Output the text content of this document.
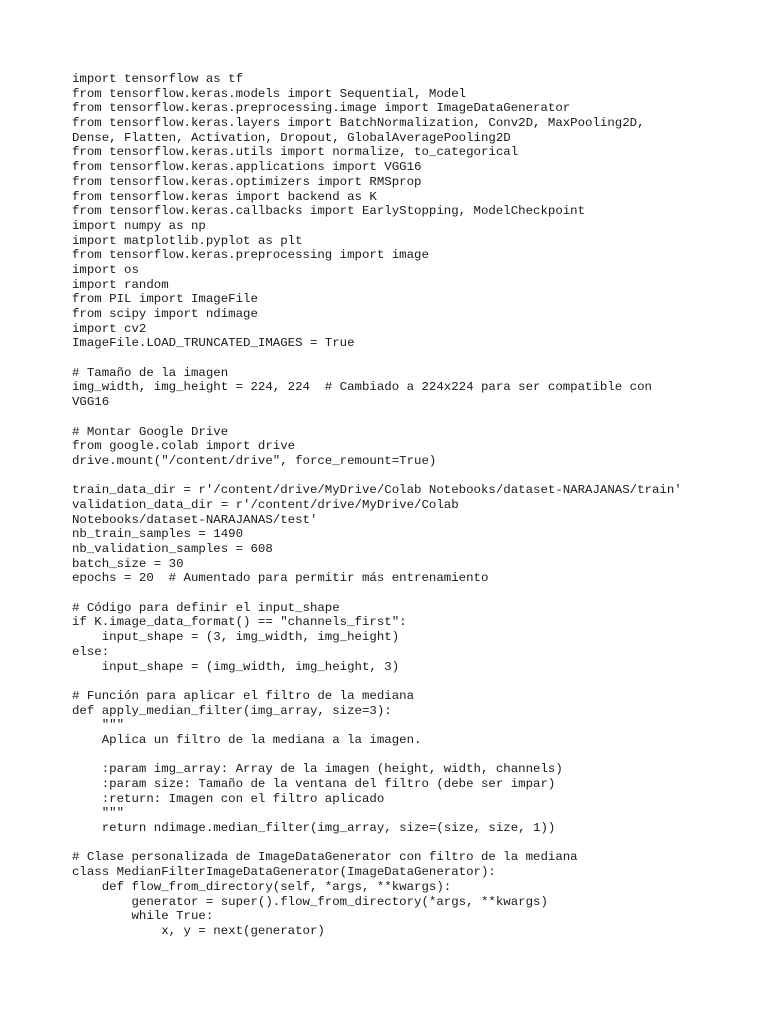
import tensorflow as tf
from tensorflow.keras.models import Sequential, Model
from tensorflow.keras.preprocessing.image import ImageDataGenerator
from tensorflow.keras.layers import BatchNormalization, Conv2D, MaxPooling2D,
Dense, Flatten, Activation, Dropout, GlobalAveragePooling2D
from tensorflow.keras.utils import normalize, to_categorical
from tensorflow.keras.applications import VGG16
from tensorflow.keras.optimizers import RMSprop
from tensorflow.keras import backend as K
from tensorflow.keras.callbacks import EarlyStopping, ModelCheckpoint
import numpy as np
import matplotlib.pyplot as plt
from tensorflow.keras.preprocessing import image
import os
import random
from PIL import ImageFile
from scipy import ndimage
import cv2
ImageFile.LOAD_TRUNCATED_IMAGES = True
# Tamaño de la imagen
img_width, img_height = 224, 224  # Cambiado a 224x224 para ser compatible con
VGG16
# Montar Google Drive
from google.colab import drive
drive.mount("/content/drive", force_remount=True)
train_data_dir = r'/content/drive/MyDrive/Colab Notebooks/dataset-NARAJANAS/train'
validation_data_dir = r'/content/drive/MyDrive/Colab
Notebooks/dataset-NARAJANAS/test'
nb_train_samples = 1490
nb_validation_samples = 608
batch_size = 30
epochs = 20  # Aumentado para permitir más entrenamiento
# Código para definir el input_shape
if K.image_data_format() == "channels_first":
input_shape = (3, img_width, img_height)
else:
input_shape = (img_width, img_height, 3)
# Función para aplicar el filtro de la mediana
def apply_median_filter(img_array, size=3):
"""
Aplica un filtro de la mediana a la imagen.
:param img_array: Array de la imagen (height, width, channels)
:param size: Tamaño de la ventana del filtro (debe ser impar)
:return: Imagen con el filtro aplicado
"""
return ndimage.median_filter(img_array, size=(size, size, 1))
# Clase personalizada de ImageDataGenerator con filtro de la mediana
class MedianFilterImageDataGenerator(ImageDataGenerator):
def flow_from_directory(self, *args, **kwargs):
generator = super().flow_from_directory(*args, **kwargs)
while True:
x, y = next(generator)
